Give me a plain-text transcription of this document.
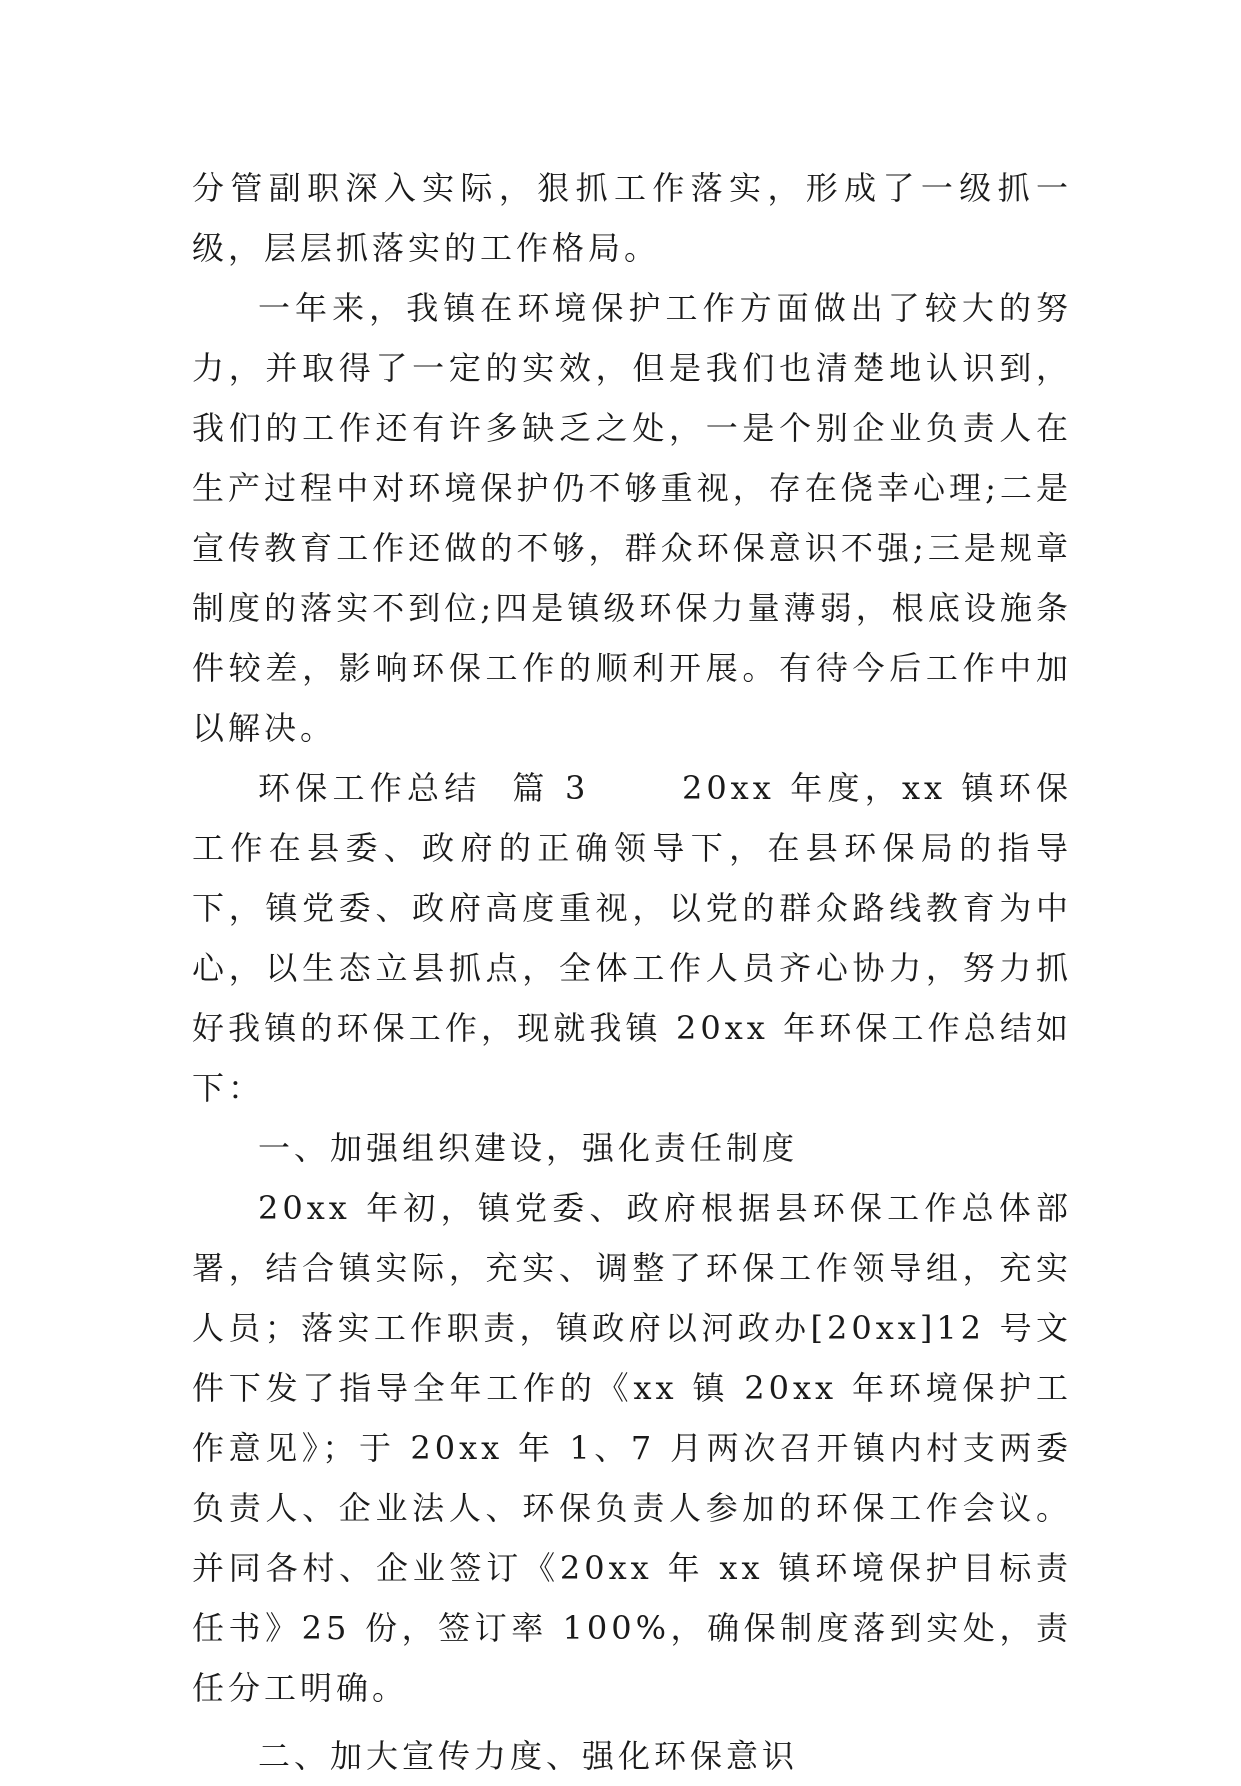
分管副职深入实际，狠抓工作落实，形成了一级抓一级，层层抓落实的工作格局。

一年来，我镇在环境保护工作方面做出了较大的努力，并取得了一定的实效，但是我们也清楚地认识到，我们的工作还有许多缺乏之处，一是个别企业负责人在生产过程中对环境保护仍不够重视，存在侥幸心理;二是宣传教育工作还做的不够，群众环保意识不强;三是规章制度的落实不到位;四是镇级环保力量薄弱，根底设施条件较差，影响环保工作的顺利开展。有待今后工作中加以解决。

环保工作总结  篇 3      20xx 年度，xx 镇环保工作在县委、政府的正确领导下，在县环保局的指导下，镇党委、政府高度重视，以党的群众路线教育为中心，以生态立县抓点，全体工作人员齐心协力，努力抓好我镇的环保工作，现就我镇 20xx 年环保工作总结如下：

一、加强组织建设，强化责任制度

20xx 年初，镇党委、政府根据县环保工作总体部署，结合镇实际，充实、调整了环保工作领导组，充实人员；落实工作职责，镇政府以河政办[20xx]12 号文件下发了指导全年工作的《xx 镇 20xx 年环境保护工作意见》；于 20xx 年 1、7 月两次召开镇内村支两委负责人、企业法人、环保负责人参加的环保工作会议。并同各村、企业签订《20xx 年 xx 镇环境保护目标责任书》25 份，签订率 100%，确保制度落到实处，责任分工明确。

二、加大宣传力度、强化环保意识
